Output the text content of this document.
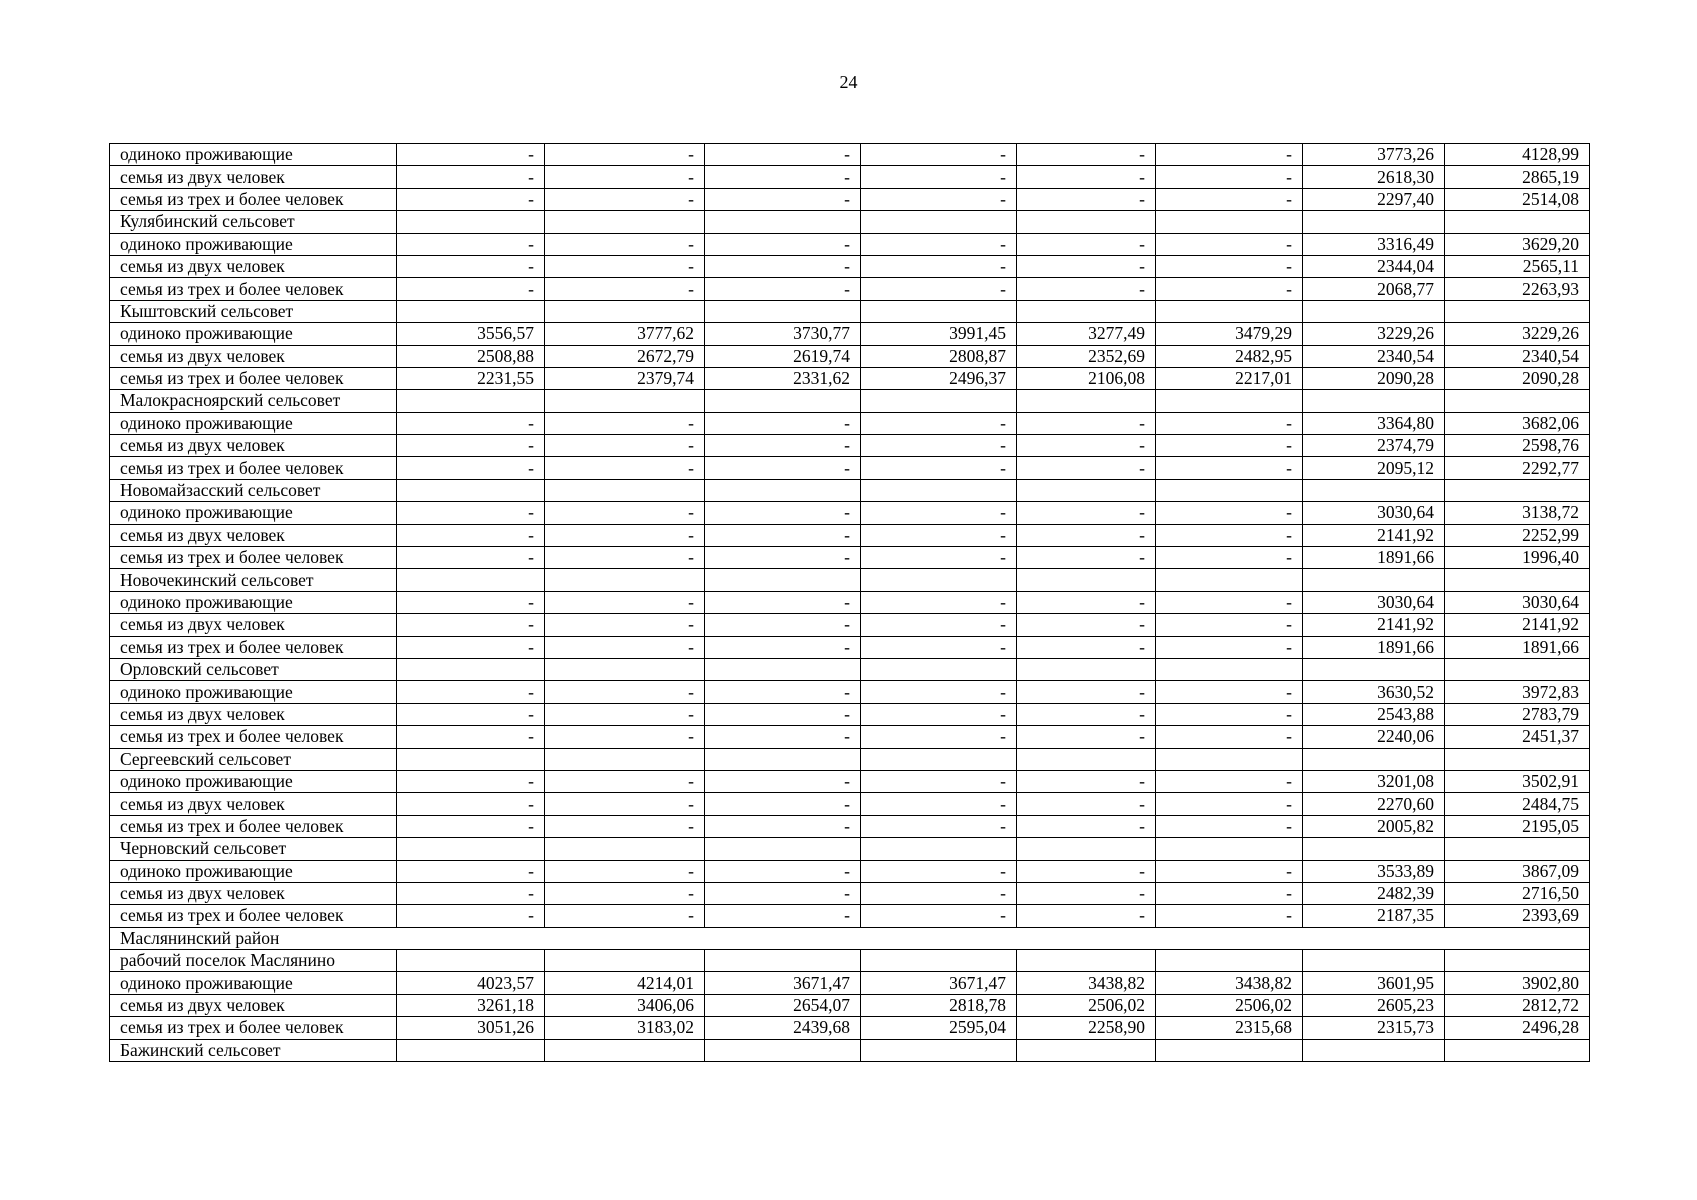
24
одиноко проживающие	-	-	-	-	-	-	3773,26	4128,99
семья из двух человек	-	-	-	-	-	-	2618,30	2865,19
семья из трех и более человек	-	-	-	-	-	-	2297,40	2514,08
Кулябинский сельсовет								
одиноко проживающие	-	-	-	-	-	-	3316,49	3629,20
семья из двух человек	-	-	-	-	-	-	2344,04	2565,11
семья из трех и более человек	-	-	-	-	-	-	2068,77	2263,93
Кыштовский сельсовет								
одиноко проживающие	3556,57	3777,62	3730,77	3991,45	3277,49	3479,29	3229,26	3229,26
семья из двух человек	2508,88	2672,79	2619,74	2808,87	2352,69	2482,95	2340,54	2340,54
семья из трех и более человек	2231,55	2379,74	2331,62	2496,37	2106,08	2217,01	2090,28	2090,28
Малокрасноярский сельсовет								
одиноко проживающие	-	-	-	-	-	-	3364,80	3682,06
семья из двух человек	-	-	-	-	-	-	2374,79	2598,76
семья из трех и более человек	-	-	-	-	-	-	2095,12	2292,77
Новомайзасский сельсовет								
одиноко проживающие	-	-	-	-	-	-	3030,64	3138,72
семья из двух человек	-	-	-	-	-	-	2141,92	2252,99
семья из трех и более человек	-	-	-	-	-	-	1891,66	1996,40
Новочекинский сельсовет								
одиноко проживающие	-	-	-	-	-	-	3030,64	3030,64
семья из двух человек	-	-	-	-	-	-	2141,92	2141,92
семья из трех и более человек	-	-	-	-	-	-	1891,66	1891,66
Орловский сельсовет								
одиноко проживающие	-	-	-	-	-	-	3630,52	3972,83
семья из двух человек	-	-	-	-	-	-	2543,88	2783,79
семья из трех и более человек	-	-	-	-	-	-	2240,06	2451,37
Сергеевский сельсовет								
одиноко проживающие	-	-	-	-	-	-	3201,08	3502,91
семья из двух человек	-	-	-	-	-	-	2270,60	2484,75
семья из трех и более человек	-	-	-	-	-	-	2005,82	2195,05
Черновский сельсовет								
одиноко проживающие	-	-	-	-	-	-	3533,89	3867,09
семья из двух человек	-	-	-	-	-	-	2482,39	2716,50
семья из трех и более человек	-	-	-	-	-	-	2187,35	2393,69
Маслянинский район								
рабочий поселок Маслянино								
одиноко проживающие	4023,57	4214,01	3671,47	3671,47	3438,82	3438,82	3601,95	3902,80
семья из двух человек	3261,18	3406,06	2654,07	2818,78	2506,02	2506,02	2605,23	2812,72
семья из трех и более человек	3051,26	3183,02	2439,68	2595,04	2258,90	2315,68	2315,73	2496,28
Бажинский сельсовет								
